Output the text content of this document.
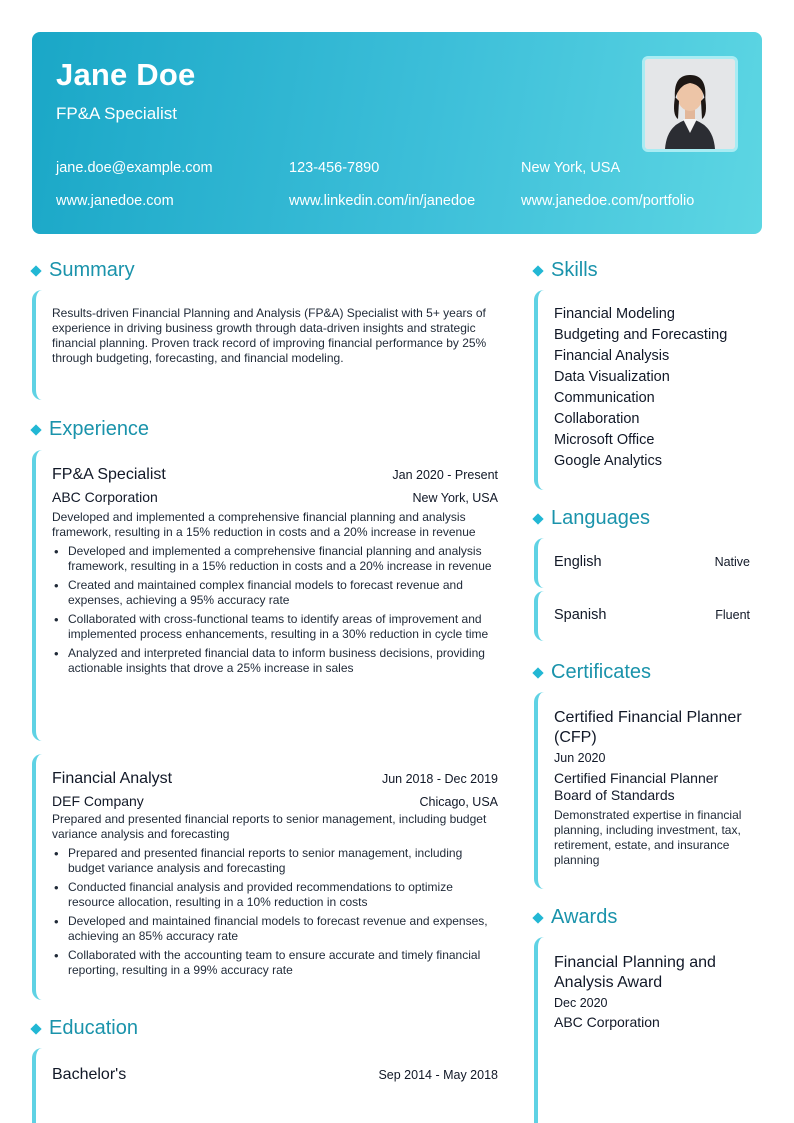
Jane Doe
FP&A Specialist
jane.doe@example.com	123-456-7890	New York, USA
www.janedoe.com	www.linkedin.com/in/janedoe	www.janedoe.com/portfolio
Summary
Results-driven Financial Planning and Analysis (FP&A) Specialist with 5+ years of experience in driving business growth through data-driven insights and strategic financial planning. Proven track record of improving financial performance by 25% through budgeting, forecasting, and financial modeling.
Experience
FP&A Specialist	Jan 2020 - Present
ABC Corporation	New York, USA
Developed and implemented a comprehensive financial planning and analysis framework, resulting in a 15% reduction in costs and a 20% increase in revenue
• Developed and implemented a comprehensive financial planning and analysis framework, resulting in a 15% reduction in costs and a 20% increase in revenue
• Created and maintained complex financial models to forecast revenue and expenses, achieving a 95% accuracy rate
• Collaborated with cross-functional teams to identify areas of improvement and implemented process enhancements, resulting in a 30% reduction in cycle time
• Analyzed and interpreted financial data to inform business decisions, providing actionable insights that drove a 25% increase in sales
Financial Analyst	Jun 2018 - Dec 2019
DEF Company	Chicago, USA
Prepared and presented financial reports to senior management, including budget variance analysis and forecasting
• Prepared and presented financial reports to senior management, including budget variance analysis and forecasting
• Conducted financial analysis and provided recommendations to optimize resource allocation, resulting in a 10% reduction in costs
• Developed and maintained financial models to forecast revenue and expenses, achieving an 85% accuracy rate
• Collaborated with the accounting team to ensure accurate and timely financial reporting, resulting in a 99% accuracy rate
Education
Bachelor's	Sep 2014 - May 2018
Skills
Financial Modeling
Budgeting and Forecasting
Financial Analysis
Data Visualization
Communication
Collaboration
Microsoft Office
Google Analytics
Languages
English	Native
Spanish	Fluent
Certificates
Certified Financial Planner (CFP)
Jun 2020
Certified Financial Planner Board of Standards
Demonstrated expertise in financial planning, including investment, tax, retirement, estate, and insurance planning
Awards
Financial Planning and Analysis Award
Dec 2020
ABC Corporation
